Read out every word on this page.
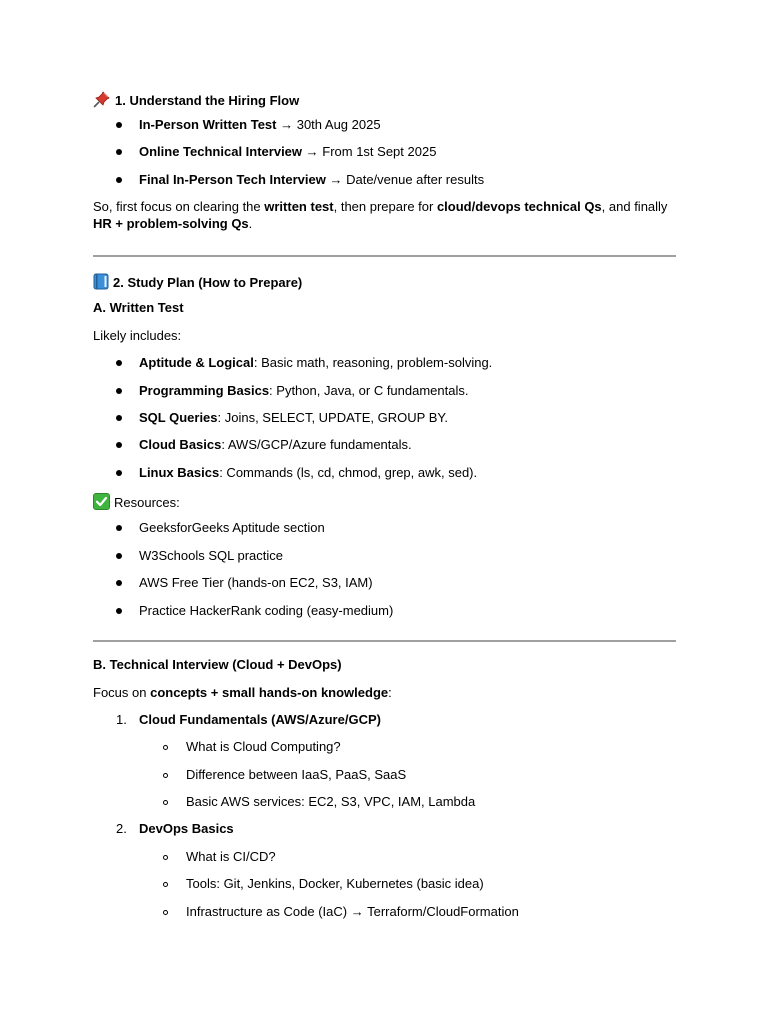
1. Understand the Hiring Flow
In-Person Written Test → 30th Aug 2025
Online Technical Interview → From 1st Sept 2025
Final In-Person Tech Interview → Date/venue after results
So, first focus on clearing the written test, then prepare for cloud/devops technical Qs, and finally
HR + problem-solving Qs.
2. Study Plan (How to Prepare)
A. Written Test
Likely includes:
Aptitude & Logical: Basic math, reasoning, problem-solving.
Programming Basics: Python, Java, or C fundamentals.
SQL Queries: Joins, SELECT, UPDATE, GROUP BY.
Cloud Basics: AWS/GCP/Azure fundamentals.
Linux Basics: Commands (ls, cd, chmod, grep, awk, sed).
Resources:
GeeksforGeeks Aptitude section
W3Schools SQL practice
AWS Free Tier (hands-on EC2, S3, IAM)
Practice HackerRank coding (easy-medium)
B. Technical Interview (Cloud + DevOps)
Focus on concepts + small hands-on knowledge:
1. Cloud Fundamentals (AWS/Azure/GCP)
What is Cloud Computing?
Difference between IaaS, PaaS, SaaS
Basic AWS services: EC2, S3, VPC, IAM, Lambda
2. DevOps Basics
What is CI/CD?
Tools: Git, Jenkins, Docker, Kubernetes (basic idea)
Infrastructure as Code (IaC) → Terraform/CloudFormation
